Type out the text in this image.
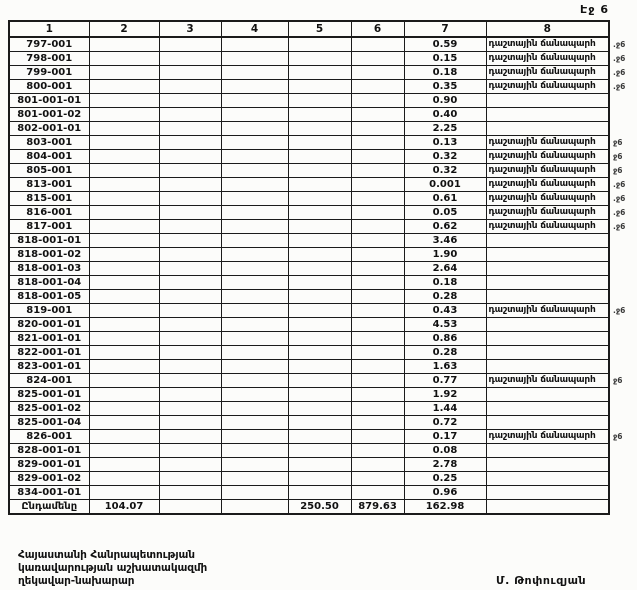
Էջ 6
1	2	3	4	5	6	7	8	
797-001						0.59	դաշտային ճանապարհ	.ջ6
798-001						0.15	դաշտային ճանապարհ	.ջ6
799-001						0.18	դաշտային ճանապարհ	.ջ6
800-001						0.35	դաշտային ճանապարհ	.ջ6
801-001-01						0.90		
801-001-02						0.40		
802-001-01						2.25		
803-001						0.13	դաշտային ճանապարհ	ջ6
804-001						0.32	դաշտային ճանապարհ	ջ6
805-001						0.32	դաշտային ճանապարհ	ջ6
813-001						0.001	դաշտային ճանապարհ	.ջ6
815-001						0.61	դաշտային ճանապարհ	.ջ6
816-001						0.05	դաշտային ճանապարհ	.ջ6
817-001						0.62	դաշտային ճանապարհ	.ջ6
818-001-01						3.46		
818-001-02						1.90		
818-001-03						2.64		
818-001-04						0.18		
818-001-05						0.28		
819-001						0.43	դաշտային ճանապարհ	.ջ6
820-001-01						4.53		
821-001-01						0.86		
822-001-01						0.28		
823-001-01						1.63		
824-001						0.77	դաշտային ճանապարհ	ջ6
825-001-01						1.92		
825-001-02						1.44		
825-001-04						0.72		
826-001						0.17	դաշտային ճանապարհ	ջ6
828-001-01						0.08		
829-001-01						2.78		
829-001-02						0.25		
834-001-01						0.96		
Ընդամենը	104.07			250.50	879.63	162.98		
Հայաստանի Հանրապետության
կառավարության աշխատակազմի
ղեկավար-նախարար	Մ. Թոփուզյան
